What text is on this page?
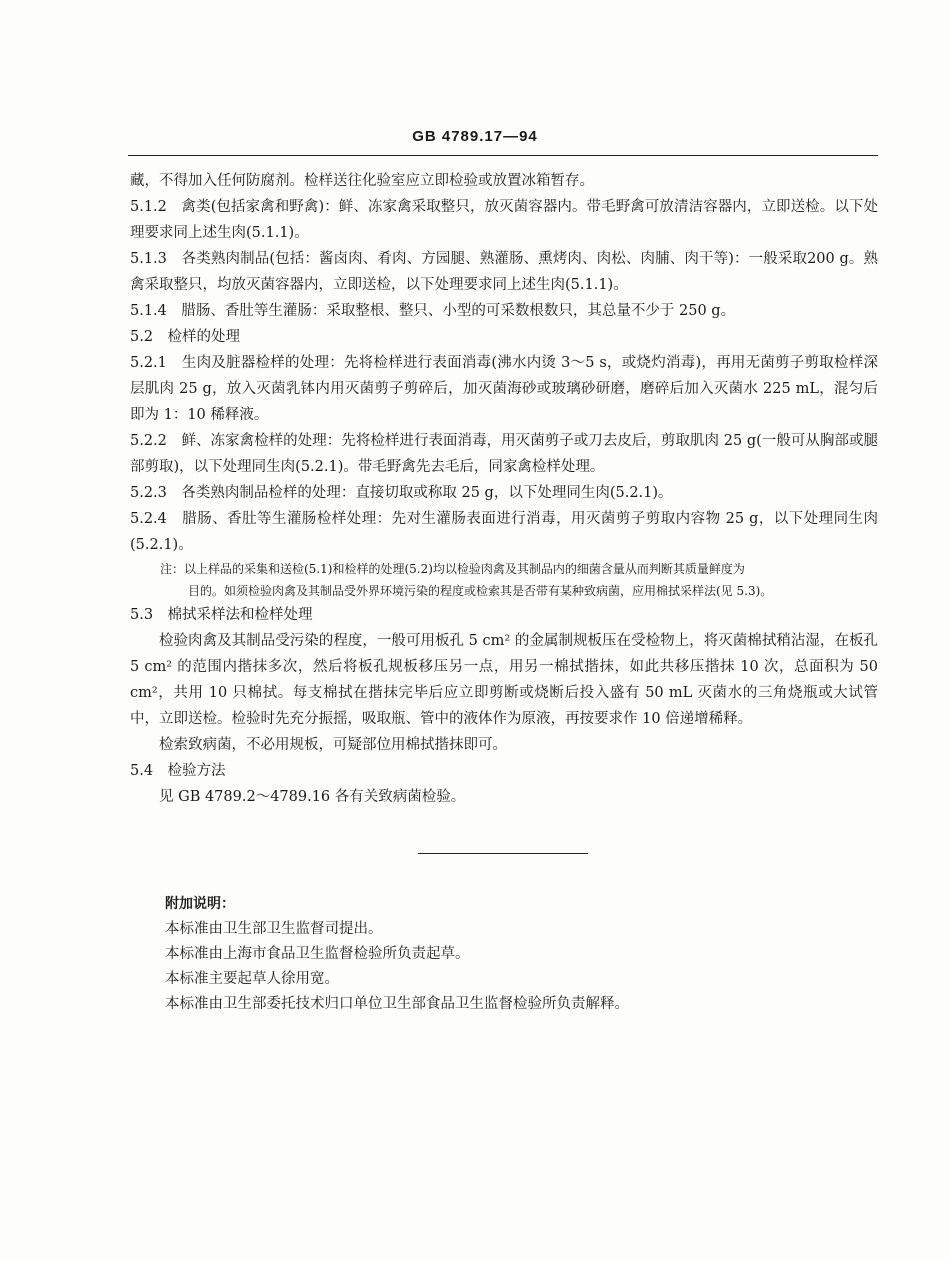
GB 4789.17—94

藏，不得加入任何防腐剂。检样送往化验室应立即检验或放置冰箱暂存。

5.1.2　禽类(包括家禽和野禽)：鲜、冻家禽采取整只，放灭菌容器内。带毛野禽可放清洁容器内，立即送检。以下处理要求同上述生肉(5.1.1)。

5.1.3　各类熟肉制品(包括：酱卤肉、肴肉、方园腿、熟灌肠、熏烤肉、肉松、肉脯、肉干等)：一般采取200 g。熟禽采取整只，均放灭菌容器内，立即送检，以下处理要求同上述生肉(5.1.1)。

5.1.4　腊肠、香肚等生灌肠：采取整根、整只、小型的可采数根数只，其总量不少于 250 g。

5.2　检样的处理

5.2.1　生肉及脏器检样的处理：先将检样进行表面消毒(沸水内烫 3～5 s，或烧灼消毒)，再用无菌剪子剪取检样深层肌肉 25 g，放入灭菌乳钵内用灭菌剪子剪碎后，加灭菌海砂或玻璃砂研磨，磨碎后加入灭菌水 225 mL，混匀后即为 1：10 稀释液。

5.2.2　鲜、冻家禽检样的处理：先将检样进行表面消毒，用灭菌剪子或刀去皮后，剪取肌肉 25 g(一般可从胸部或腿部剪取)，以下处理同生肉(5.2.1)。带毛野禽先去毛后，同家禽检样处理。

5.2.3　各类熟肉制品检样的处理：直接切取或称取 25 g，以下处理同生肉(5.2.1)。

5.2.4　腊肠、香肚等生灌肠检样处理：先对生灌肠表面进行消毒，用灭菌剪子剪取内容物 25 g，以下处理同生肉(5.2.1)。

注：以上样品的采集和送检(5.1)和检样的处理(5.2)均以检验肉禽及其制品内的细菌含量从而判断其质量鲜度为

目的。如须检验肉禽及其制品受外界环境污染的程度或检索其是否带有某种致病菌，应用棉拭采样法(见 5.3)。

5.3　棉拭采样法和检样处理

检验肉禽及其制品受污染的程度，一般可用板孔 5 cm² 的金属制规板压在受检物上，将灭菌棉拭稍沾湿，在板孔 5 cm² 的范围内揩抹多次，然后将板孔规板移压另一点，用另一棉拭揩抹，如此共移压揩抹 10 次，总面积为 50 cm²，共用 10 只棉拭。每支棉拭在揩抹完毕后应立即剪断或烧断后投入盛有 50 mL 灭菌水的三角烧瓶或大试管中，立即送检。检验时先充分振摇，吸取瓶、管中的液体作为原液，再按要求作 10 倍递增稀释。

检索致病菌，不必用规板，可疑部位用棉拭揩抹即可。

5.4　检验方法

见 GB 4789.2～4789.16 各有关致病菌检验。

附加说明：

本标准由卫生部卫生监督司提出。

本标准由上海市食品卫生监督检验所负责起草。

本标准主要起草人徐用宽。

本标准由卫生部委托技术归口单位卫生部食品卫生监督检验所负责解释。
